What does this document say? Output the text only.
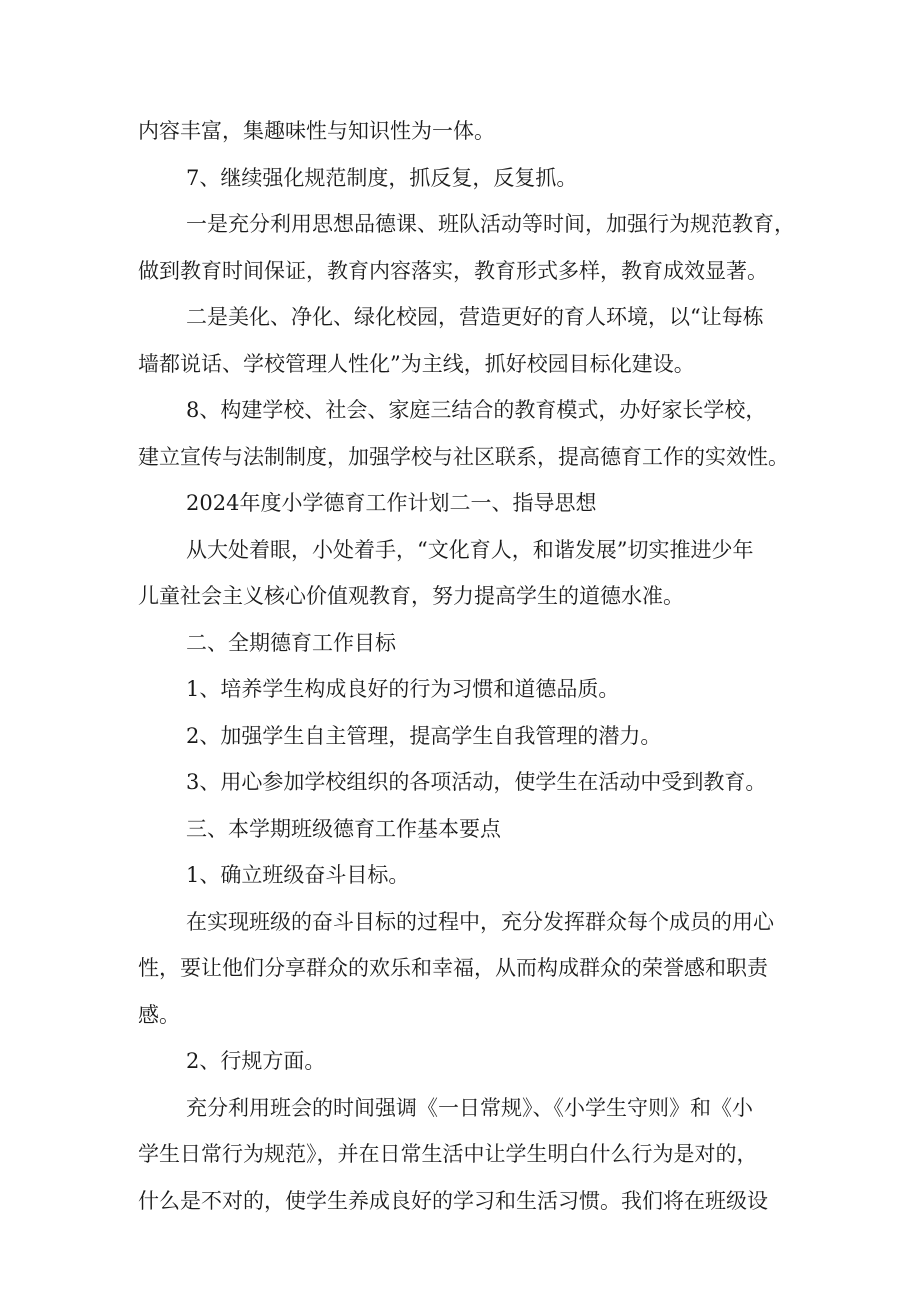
内容丰富，集趣味性与知识性为一体。

7、继续强化规范制度，抓反复，反复抓。

一是充分利用思想品德课、班队活动等时间，加强行为规范教育，

做到教育时间保证，教育内容落实，教育形式多样，教育成效显著。

二是美化、净化、绿化校园，营造更好的育人环境，以“让每栋

墙都说话、学校管理人性化”为主线，抓好校园目标化建设。

8、构建学校、社会、家庭三结合的教育模式，办好家长学校，

建立宣传与法制制度，加强学校与社区联系，提高德育工作的实效性。

2024年度小学德育工作计划二一、指导思想

从大处着眼，小处着手，“文化育人，和谐发展”切实推进少年

儿童社会主义核心价值观教育，努力提高学生的道德水准。

二、全期德育工作目标

1、培养学生构成良好的行为习惯和道德品质。

2、加强学生自主管理，提高学生自我管理的潜力。

3、用心参加学校组织的各项活动，使学生在活动中受到教育。

三、本学期班级德育工作基本要点

1、确立班级奋斗目标。

在实现班级的奋斗目标的过程中，充分发挥群众每个成员的用心

性，要让他们分享群众的欢乐和幸福，从而构成群众的荣誉感和职责

感。

2、行规方面。

充分利用班会的时间强调《一日常规》、《小学生守则》和《小

学生日常行为规范》，并在日常生活中让学生明白什么行为是对的，

什么是不对的，使学生养成良好的学习和生活习惯。我们将在班级设
